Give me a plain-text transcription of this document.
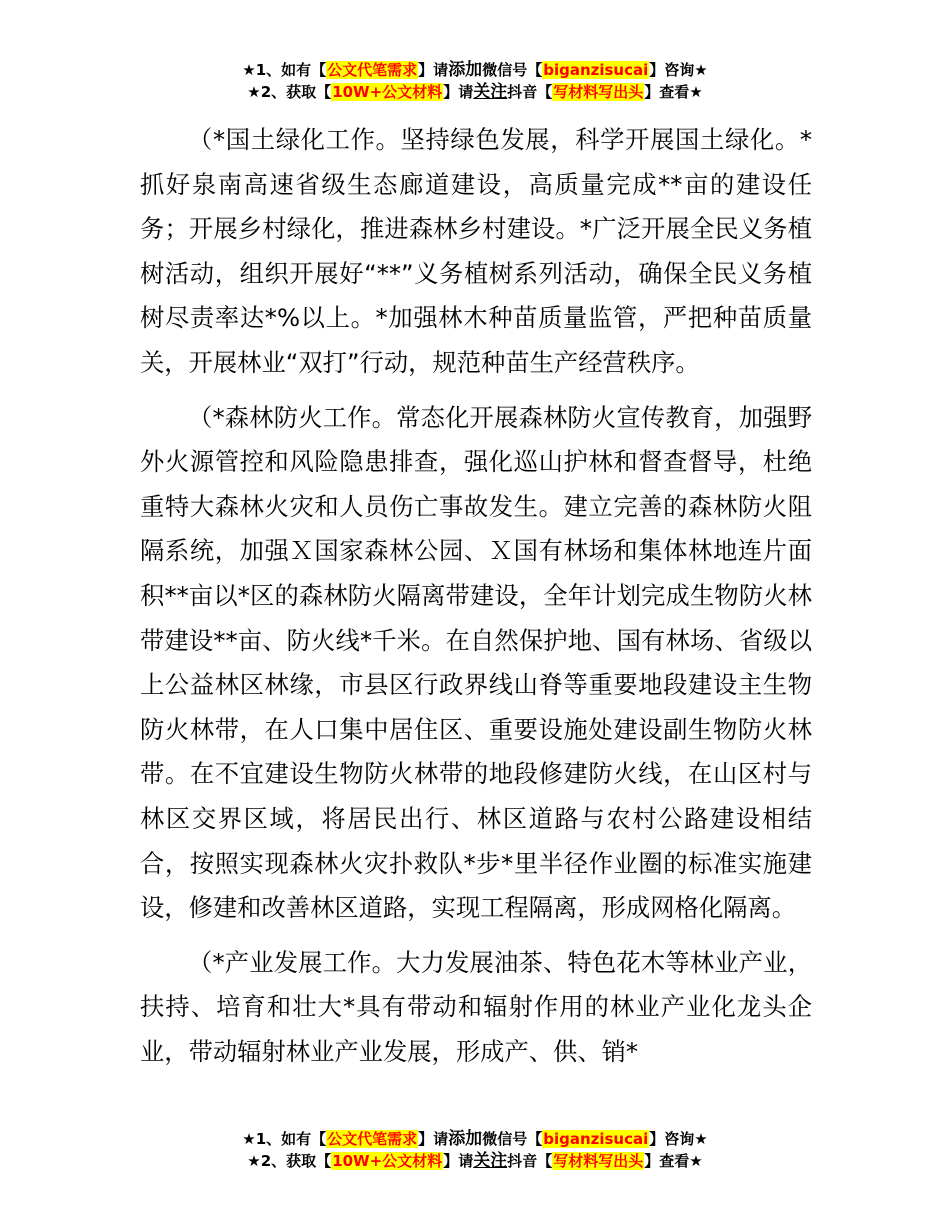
★1、如有【公文代笔需求】请添加微信号【biganzisucai】咨询★
★2、获取【10W+公文材料】请关注抖音【写材料写出头】查看★

（*国土绿化工作。坚持绿色发展，科学开展国土绿化。*抓好泉南高速省级生态廊道建设，高质量完成**亩的建设任务；开展乡村绿化，推进森林乡村建设。*广泛开展全民义务植树活动，组织开展好“**”义务植树系列活动，确保全民义务植树尽责率达*%以上。*加强林木种苗质量监管，严把种苗质量关，开展林业“双打”行动，规范种苗生产经营秩序。

（*森林防火工作。常态化开展森林防火宣传教育，加强野外火源管控和风险隐患排查，强化巡山护林和督查督导，杜绝重特大森林火灾和人员伤亡事故发生。建立完善的森林防火阻隔系统，加强Ｘ国家森林公园、Ｘ国有林场和集体林地连片面积**亩以*区的森林防火隔离带建设，全年计划完成生物防火林带建设**亩、防火线*千米。在自然保护地、国有林场、省级以上公益林区林缘，市县区行政界线山脊等重要地段建设主生物防火林带，在人口集中居住区、重要设施处建设副生物防火林带。在不宜建设生物防火林带的地段修建防火线，在山区村与林区交界区域，将居民出行、林区道路与农村公路建设相结合，按照实现森林火灾扑救队*步*里半径作业圈的标准实施建设，修建和改善林区道路，实现工程隔离，形成网格化隔离。

（*产业发展工作。大力发展油茶、特色花木等林业产业，扶持、培育和壮大*具有带动和辐射作用的林业产业化龙头企业，带动辐射林业产业发展，形成产、供、销*

★1、如有【公文代笔需求】请添加微信号【biganzisucai】咨询★
★2、获取【10W+公文材料】请关注抖音【写材料写出头】查看★
